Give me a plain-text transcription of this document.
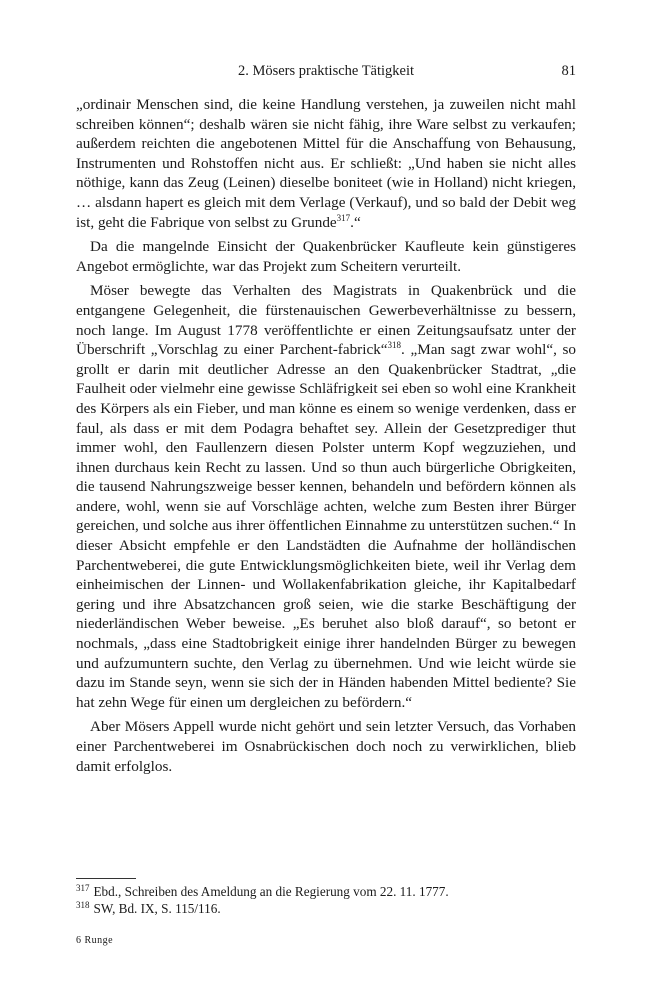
2. Mösers praktische Tätigkeit	81

„ordinair Menschen sind, die keine Handlung verstehen, ja zuweilen nicht mahl schreiben können“; deshalb wären sie nicht fähig, ihre Ware selbst zu verkaufen; außerdem reichten die angebotenen Mittel für die Anschaffung von Behausung, Instrumenten und Rohstoffen nicht aus. Er schließt: „Und haben sie nicht alles nöthige, kann das Zeug (Leinen) dieselbe boniteet (wie in Holland) nicht kriegen, … alsdann hapert es gleich mit dem Verlage (Verkauf), und so bald der Debit weg ist, geht die Fabrique von selbst zu Grunde$^{317}$.“

Da die mangelnde Einsicht der Quakenbrücker Kaufleute kein günstigeres Angebot ermöglichte, war das Projekt zum Scheitern verurteilt.

Möser bewegte das Verhalten des Magistrats in Quakenbrück und die entgangene Gelegenheit, die fürstenauischen Gewerbeverhältnisse zu bessern, noch lange. Im August 1778 veröffentlichte er einen Zeitungsaufsatz unter der Überschrift „Vorschlag zu einer Parchent-fabrick“$^{318}$. „Man sagt zwar wohl“, so grollt er darin mit deutlicher Adresse an den Quakenbrücker Stadtrat, „die Faulheit oder vielmehr eine gewisse Schläfrigkeit sei eben so wohl eine Krankheit des Körpers als ein Fieber, und man könne es einem so wenige verdenken, dass er faul, als dass er mit dem Podagra behaftet sey. Allein der Gesetzprediger thut immer wohl, den Faullenzern diesen Polster unterm Kopf wegzuziehen, und ihnen durchaus kein Recht zu lassen. Und so thun auch bürgerliche Obrigkeiten, die tausend Nahrungszweige besser kennen, behandeln und befördern können als andere, wohl, wenn sie auf Vorschläge achten, welche zum Besten ihrer Bürger gereichen, und solche aus ihrer öffentlichen Einnahme zu unterstützen suchen.“ In dieser Absicht empfehle er den Landstädten die Aufnahme der holländischen Parchentweberei, die gute Entwicklungsmöglichkeiten biete, weil ihr Verlag dem einheimischen der Linnen- und Wollakenfabrikation gleiche, ihr Kapitalbedarf gering und ihre Absatzchancen groß seien, wie die starke Beschäftigung der niederländischen Weber beweise. „Es beruhet also bloß darauf“, so betont er nochmals, „dass eine Stadtobrigkeit einige ihrer handelnden Bürger zu bewegen und aufzumuntern suchte, den Verlag zu übernehmen. Und wie leicht würde sie dazu im Stande seyn, wenn sie sich der in Händen habenden Mittel bediente? Sie hat zehn Wege für einen um dergleichen zu befördern.“

Aber Mösers Appell wurde nicht gehört und sein letzter Versuch, das Vorhaben einer Parchentweberei im Osnabrückischen doch noch zu verwirklichen, blieb damit erfolglos.

$^{317}$ Ebd., Schreiben des Ameldung an die Regierung vom 22. 11. 1777.

$^{318}$ SW, Bd. IX, S. 115/116.

6 Runge
